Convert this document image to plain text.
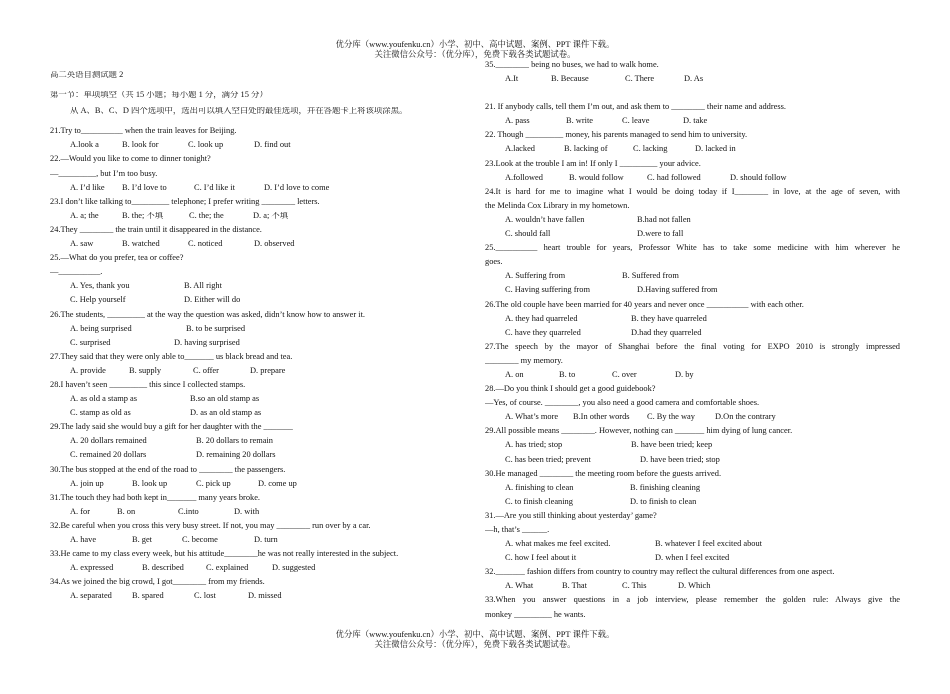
优分库（www.youfenku.cn）小学、初中、高中试题、案例、PPT 课件下载。
关注微信公众号：（优分库），免费下载各类试题试卷。
高二英语自测试题 2
第一节：单项填空（共 15 小题；每小题 1 分，满分 15 分）
从 A、B、C、D 四个选项中，选出可以填入空白处的最佳选项，并在答题卡上将该项涂黑。
21.Try to__________ when the train leaves for Beijing.
A.look a	B. look for	C. look up	D. find out
22.—Would you like to come to dinner tonight?
—_________, but I’m too busy.
A. I’d like B. I’d love to	C. I’d like it	D. I’d love to come
23.I don’t like talking to_________ telephone; I prefer writing ________ letters.
A. a; the	B. the; 不填	C. the; the	D. a; 不填
24.They ________ the train until it disappeared in the distance.
A. saw	B. watched	C. noticed	D. observed
25.—What do you prefer, tea or coffee?
—__________.
A. Yes, thank you	B. All right
C. Help yourself	D. Either will do
26.The students, _________ at the way the question was asked, didn’t know how to answer it.
A. being surprised	B. to be surprised
C. surprised	D. having surprised
27.They said that they were only able to_______ us black bread and tea.
A. provide	B. supply	C. offer	D. prepare
28.I haven’t seen _________ this since I collected stamps.
A. as old a stamp as	B.so an old stamp as
C. stamp as old as	D. as an old stamp as
29.The lady said she would buy a gift for her daughter with the _______
A. 20 dollars remained	B. 20 dollars to remain
C. remained 20 dollars	D. remaining 20 dollars
30.The bus stopped at the end of the road to ________ the passengers.
A. join up	B. look up	C. pick up	D. come up
31.The touch they had both kept in_______ many years broke.
A. for	B. on	C.into	D. with
32.Be careful when you cross this very busy street. If not, you may ________ run over by a car.
A. have	B. get	C. become	D. turn
33.He came to my class every week, but his attitude________he was not really interested in the subject.
A. expressed	B. described	C. explained	D. suggested
34.As we joined the big crowd, I got________ from my friends.
A. separated B. spared	C. lost	D. missed
35.________ being no buses, we had to walk home.
A.It	B. Because	C. There	D. As
21. If anybody calls, tell them I’m out, and ask them to ________ their name and address.
A. pass	B. write	C. leave	D. take
22. Though _________ money, his parents managed to send him to university.
A.lacked	B. lacking of	C. lacking	D. lacked in
23.Look at the trouble I am in! If only I _________ your advice.
A.followed	B. would follow	C. had followed	D. should follow
24.It is hard for me to imagine what I would be doing today if I________ in love, at the age of seven, with
the Melinda Cox Library in my hometown.
A. wouldn’t have fallen	B.had not fallen
C. should fall	D.were to fall
25.__________ heart trouble for years, Professor White has to take some medicine with him wherever he
goes.
A. Suffering from	B. Suffered from
C. Having suffering from	D.Having suffered from
26.The old couple have been married for 40 years and never once __________ with each other.
A. they had quarreled	B. they have quarreled
C. have they quarreled	D.had they quarreled
27.The speech by the mayor of Shanghai before the final voting for EXPO 2010 is strongly impressed
________ my memory.
A. on	B. to	C. over	D. by
28.—Do you think I should get a good guidebook?
—Yes, of course. ________, you also need a good camera and comfortable shoes.
A. What’s more B.In other words C. By the way D.On the contrary
29.All possible means ________. However, nothing can _______ him dying of lung cancer.
A. has tried; stop	B. have been tried; keep
C. has been tried; prevent	D. have been tried; stop
30.He managed ________ the meeting room before the guests arrived.
A. finishing to clean	B. finishing cleaning
C. to finish cleaning	D. to finish to clean
31.—Are you still thinking about yesterday’ game?
—h, that’s ______.
A. what makes me feel excited.	B. whatever I feel excited about
C. how I feel about it	D. when I feel excited
32._______ fashion differs from country to country may reflect the cultural differences from one aspect.
A. What	B. That	C. This	D. Which
33.When you answer questions in a job interview, please remember the golden rule: Always give the
monkey _________ he wants.
优分库（www.youfenku.cn）小学、初中、高中试题、案例、PPT 课件下载。
关注微信公众号：（优分库），免费下载各类试题试卷。
